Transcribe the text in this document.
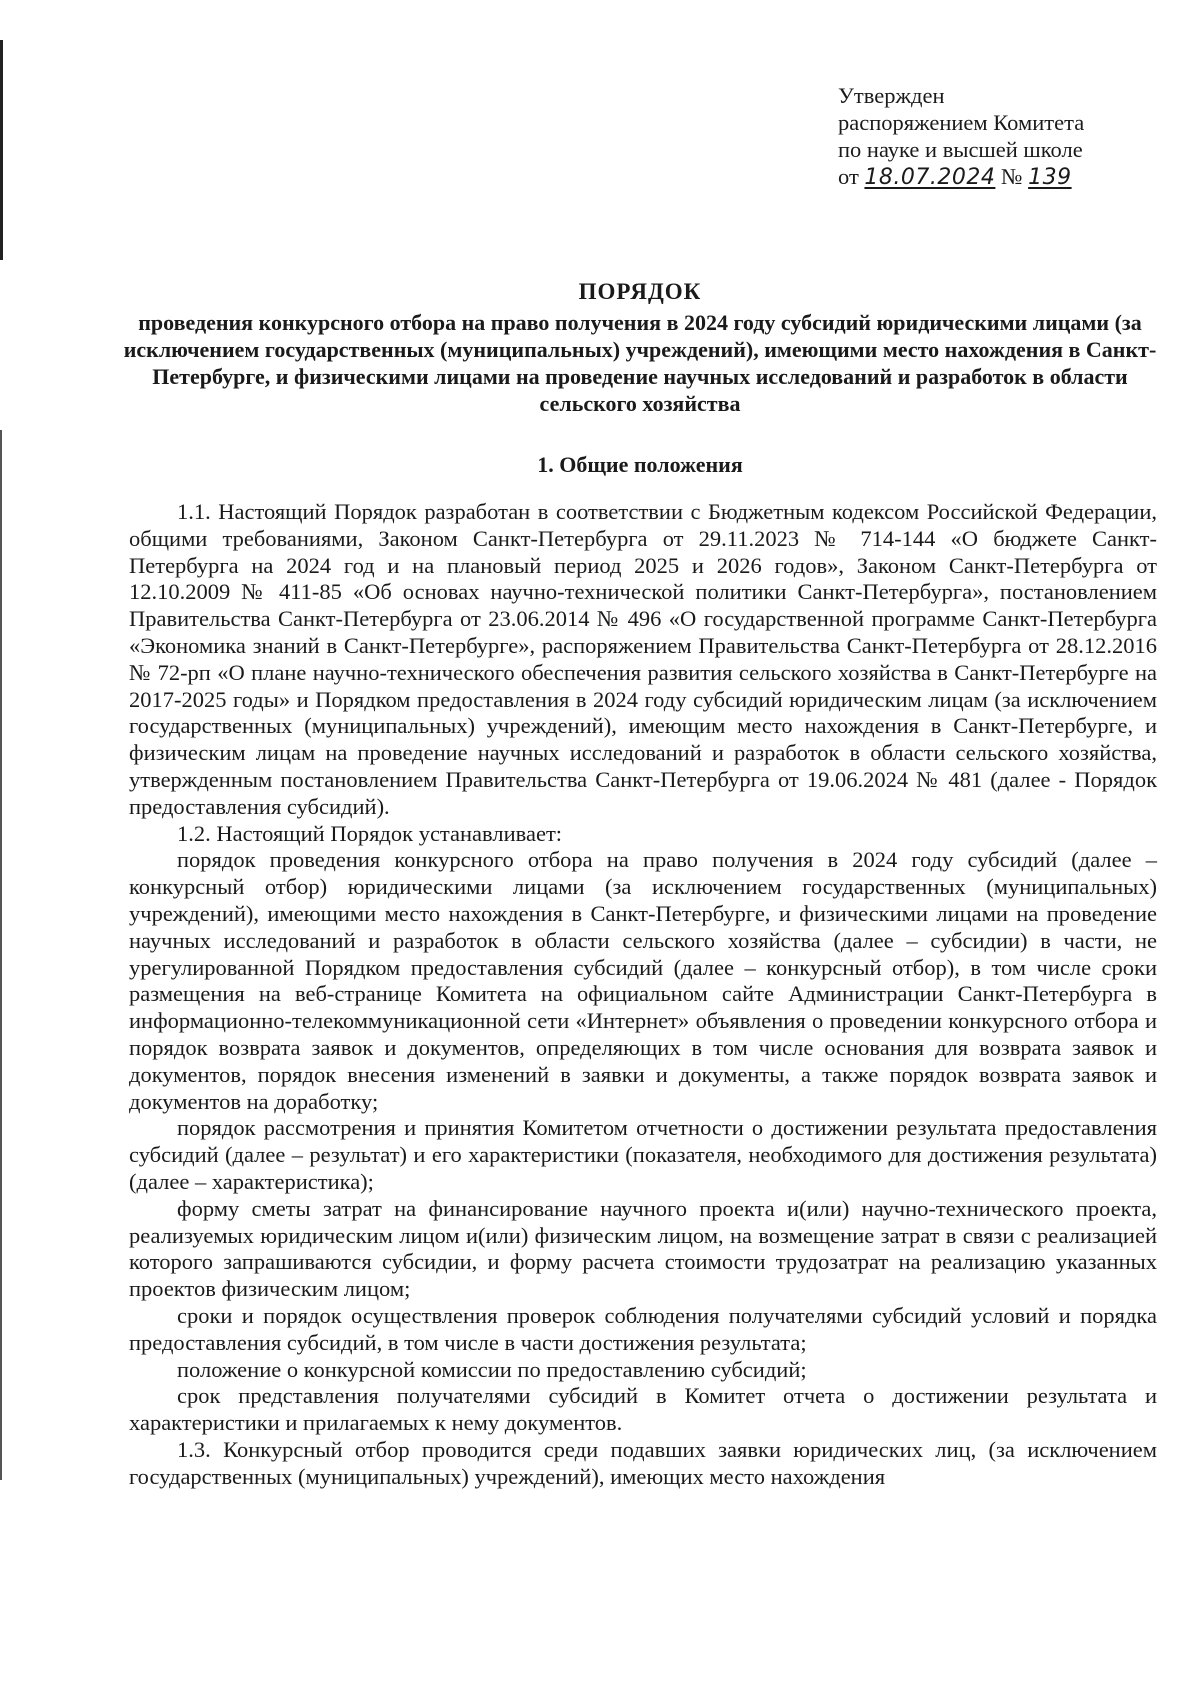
Утвержден
распоряжением Комитета
по науке и высшей школе
от 18.07.2024 № 139
ПОРЯДОК
проведения конкурсного отбора на право получения в 2024 году субсидий юридическими лицами (за исключением государственных (муниципальных) учреждений), имеющими место нахождения в Санкт-Петербурге, и физическими лицами на проведение научных исследований и разработок в области сельского хозяйства
1. Общие положения

1.1. Настоящий Порядок разработан в соответствии с Бюджетным кодексом Российской Федерации, общими требованиями, Законом Санкт-Петербурга от 29.11.2023 № 714-144 «О бюджете Санкт-Петербурга на 2024 год и на плановый период 2025 и 2026 годов», Законом Санкт-Петербурга от 12.10.2009 № 411-85 «Об основах научно-технической политики Санкт-Петербурга», постановлением Правительства Санкт-Петербурга от 23.06.2014 № 496 «О государственной программе Санкт-Петербурга «Экономика знаний в Санкт-Петербурге», распоряжением Правительства Санкт-Петербурга от 28.12.2016 № 72-рп «О плане научно-технического обеспечения развития сельского хозяйства в Санкт-Петербурге на 2017-2025 годы» и Порядком предоставления в 2024 году субсидий юридическим лицам (за исключением государственных (муниципальных) учреждений), имеющим место нахождения в Санкт-Петербурге, и физическим лицам на проведение научных исследований и разработок в области сельского хозяйства, утвержденным постановлением Правительства Санкт-Петербурга от 19.06.2024 № 481 (далее - Порядок предоставления субсидий).

1.2. Настоящий Порядок устанавливает:

порядок проведения конкурсного отбора на право получения в 2024 году субсидий (далее – конкурсный отбор) юридическими лицами (за исключением государственных (муниципальных) учреждений), имеющими место нахождения в Санкт-Петербурге, и физическими лицами на проведение научных исследований и разработок в области сельского хозяйства (далее – субсидии) в части, не урегулированной Порядком предоставления субсидий (далее – конкурсный отбор), в том числе сроки размещения на веб-странице Комитета на официальном сайте Администрации Санкт-Петербурга в информационно-телекоммуникационной сети «Интернет» объявления о проведении конкурсного отбора и порядок возврата заявок и документов, определяющих в том числе основания для возврата заявок и документов, порядок внесения изменений в заявки и документы, а также порядок возврата заявок и документов на доработку;

порядок рассмотрения и принятия Комитетом отчетности о достижении результата предоставления субсидий (далее – результат) и его характеристики (показателя, необходимого для достижения результата) (далее – характеристика);

форму сметы затрат на финансирование научного проекта и(или) научно-технического проекта, реализуемых юридическим лицом и(или) физическим лицом, на возмещение затрат в связи с реализацией которого запрашиваются субсидии, и форму расчета стоимости трудозатрат на реализацию указанных проектов физическим лицом;

сроки и порядок осуществления проверок соблюдения получателями субсидий условий и порядка предоставления субсидий, в том числе в части достижения результата;

положение о конкурсной комиссии по предоставлению субсидий;

срок представления получателями субсидий в Комитет отчета о достижении результата и характеристики и прилагаемых к нему документов.

1.3. Конкурсный отбор проводится среди подавших заявки юридических лиц, (за исключением государственных (муниципальных) учреждений), имеющих место нахождения
